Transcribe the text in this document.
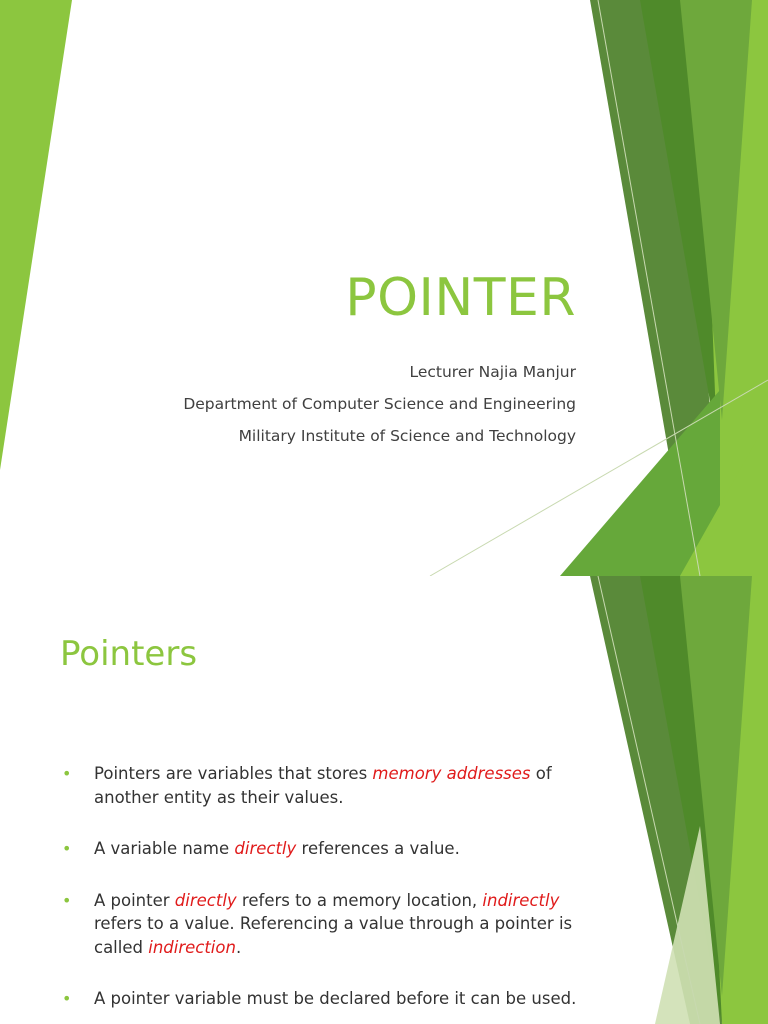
POINTER
Lecturer Najia Manjur
Department of Computer Science and Engineering
Military Institute of Science and Technology
Pointers
• Pointers are variables that stores memory addresses of another entity as their values.
• A variable name directly references a value.
• A pointer directly refers to a memory location, indirectly refers to a value. Referencing a value through a pointer is called indirection.
• A pointer variable must be declared before it can be used.
